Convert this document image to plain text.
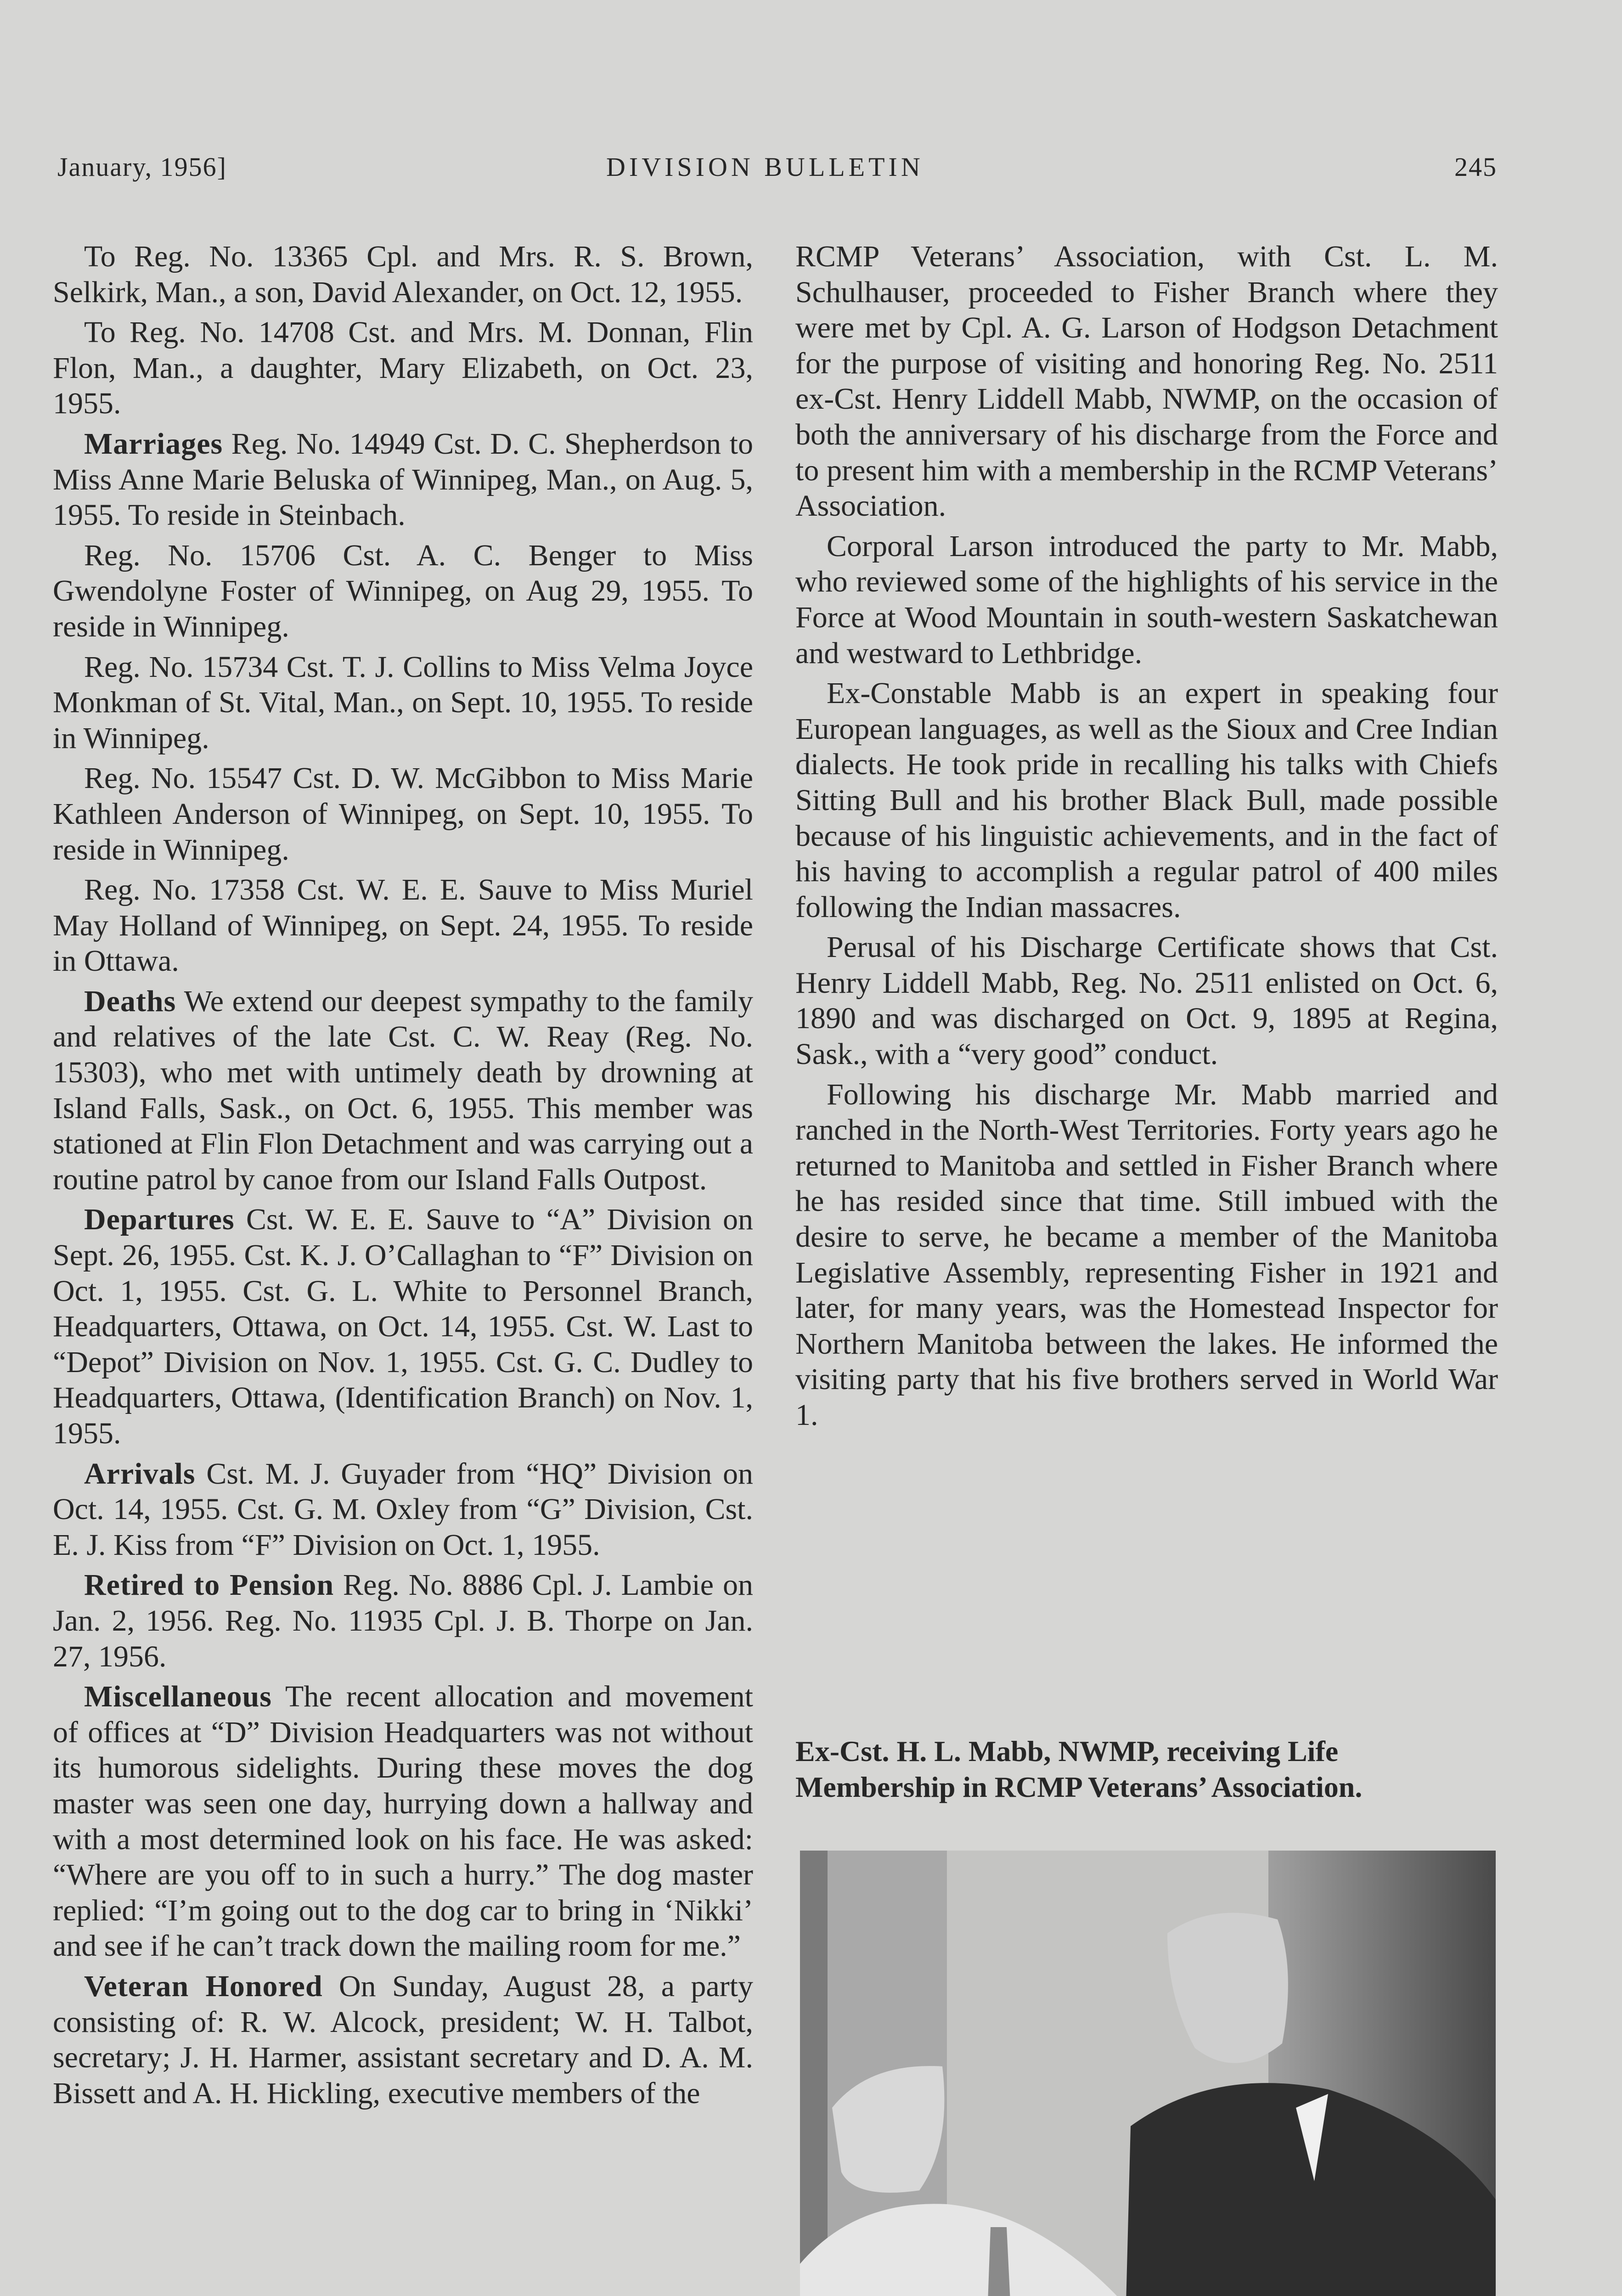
January, 1956]	DIVISION BULLETIN	245

To Reg. No. 13365 Cpl. and Mrs. R. S. Brown, Selkirk, Man., a son, David Alexander, on Oct. 12, 1955.

To Reg. No. 14708 Cst. and Mrs. M. Donnan, Flin Flon, Man., a daughter, Mary Elizabeth, on Oct. 23, 1955.

Marriages Reg. No. 14949 Cst. D. C. Shepherdson to Miss Anne Marie Beluska of Winnipeg, Man., on Aug. 5, 1955. To reside in Steinbach.

Reg. No. 15706 Cst. A. C. Benger to Miss Gwendolyne Foster of Winnipeg, on Aug 29, 1955. To reside in Winnipeg.

Reg. No. 15734 Cst. T. J. Collins to Miss Velma Joyce Monkman of St. Vital, Man., on Sept. 10, 1955. To reside in Winnipeg.

Reg. No. 15547 Cst. D. W. McGibbon to Miss Marie Kathleen Anderson of Winnipeg, on Sept. 10, 1955. To reside in Winnipeg.

Reg. No. 17358 Cst. W. E. E. Sauve to Miss Muriel May Holland of Winnipeg, on Sept. 24, 1955. To reside in Ottawa.

Deaths We extend our deepest sympathy to the family and relatives of the late Cst. C. W. Reay (Reg. No. 15303), who met with untimely death by drowning at Island Falls, Sask., on Oct. 6, 1955. This member was stationed at Flin Flon Detachment and was carrying out a routine patrol by canoe from our Island Falls Outpost.

Departures Cst. W. E. E. Sauve to “A” Division on Sept. 26, 1955. Cst. K. J. O’Callaghan to “F” Division on Oct. 1, 1955. Cst. G. L. White to Personnel Branch, Headquarters, Ottawa, on Oct. 14, 1955. Cst. W. Last to “Depot” Division on Nov. 1, 1955. Cst. G. C. Dudley to Headquarters, Ottawa, (Identification Branch) on Nov. 1, 1955.

Arrivals Cst. M. J. Guyader from “HQ” Division on Oct. 14, 1955. Cst. G. M. Oxley from “G” Division, Cst. E. J. Kiss from “F” Division on Oct. 1, 1955.

Retired to Pension Reg. No. 8886 Cpl. J. Lambie on Jan. 2, 1956. Reg. No. 11935 Cpl. J. B. Thorpe on Jan. 27, 1956.

Miscellaneous The recent allocation and movement of offices at “D” Division Headquarters was not without its humorous sidelights. During these moves the dog master was seen one day, hurrying down a hallway and with a most determined look on his face. He was asked: “Where are you off to in such a hurry.” The dog master replied: “I’m going out to the dog car to bring in ‘Nikki’ and see if he can’t track down the mailing room for me.”

Veteran Honored On Sunday, August 28, a party consisting of: R. W. Alcock, president; W. H. Talbot, secretary; J. H. Harmer, assistant secretary and D. A. M. Bissett and A. H. Hickling, executive members of the

RCMP Veterans’ Association, with Cst. L. M. Schulhauser, proceeded to Fisher Branch where they were met by Cpl. A. G. Larson of Hodgson Detachment for the purpose of visiting and honoring Reg. No. 2511 ex-Cst. Henry Liddell Mabb, NWMP, on the occasion of both the anniversary of his discharge from the Force and to present him with a membership in the RCMP Veterans’ Association.

Corporal Larson introduced the party to Mr. Mabb, who reviewed some of the highlights of his service in the Force at Wood Mountain in south-western Saskatchewan and westward to Lethbridge.

Ex-Constable Mabb is an expert in speaking four European languages, as well as the Sioux and Cree Indian dialects. He took pride in recalling his talks with Chiefs Sitting Bull and his brother Black Bull, made possible because of his linguistic achievements, and in the fact of his having to accomplish a regular patrol of 400 miles following the Indian massacres.

Perusal of his Discharge Certificate shows that Cst. Henry Liddell Mabb, Reg. No. 2511 enlisted on Oct. 6, 1890 and was discharged on Oct. 9, 1895 at Regina, Sask., with a “very good” conduct.

Following his discharge Mr. Mabb married and ranched in the North-West Territories. Forty years ago he returned to Manitoba and settled in Fisher Branch where he has resided since that time. Still imbued with the desire to serve, he became a member of the Manitoba Legislative Assembly, representing Fisher in 1921 and later, for many years, was the Homestead Inspector for Northern Manitoba between the lakes. He informed the visiting party that his five brothers served in World War 1.

Ex-Cst. H. L. Mabb, NWMP, receiving Life Membership in RCMP Veterans’ Association.
